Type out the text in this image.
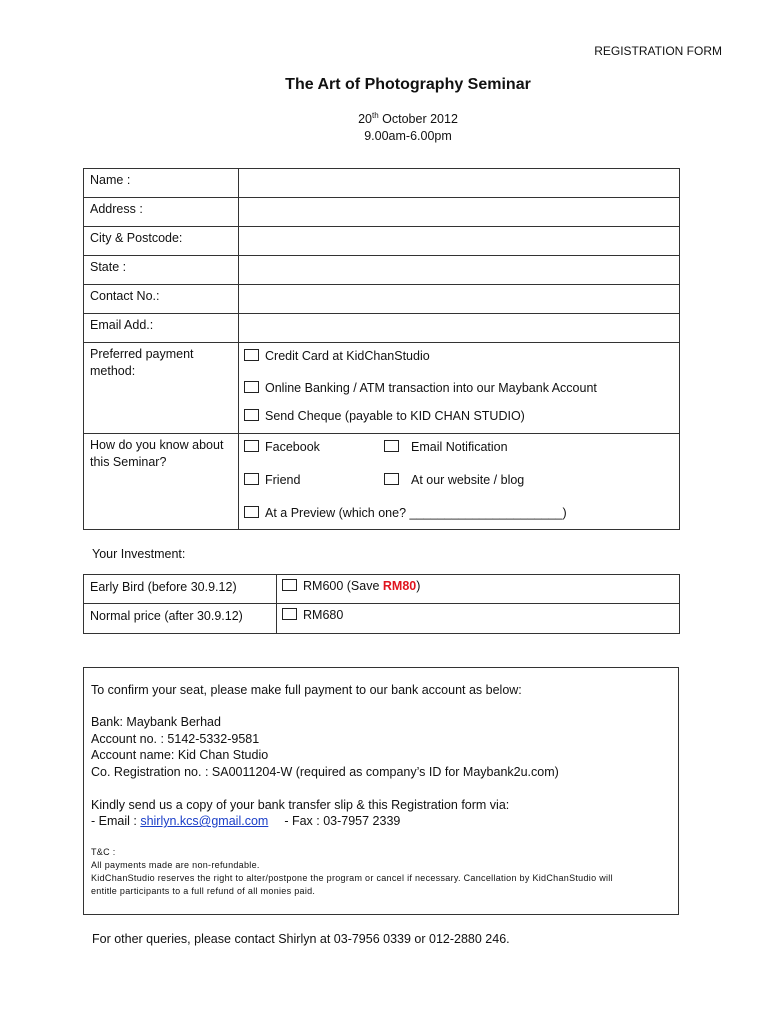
REGISTRATION FORM
The Art of Photography Seminar
20th October 2012
9.00am-6.00pm
Name :	
Address :	
City & Postcode:	
State :	
Contact No.:	
Email Add.:	
Preferred payment method:	Credit Card at KidChanStudio
Online Banking / ATM transaction into our Maybank Account
Send Cheque (payable to KID CHAN STUDIO)

How do you know about this Seminar?	Facebook Email Notification
Friend At our website / blog
At a Preview (which one? ______________________)
Your Investment:
Early Bird (before 30.9.12)	RM600 (Save RM80)

Normal price (after 30.9.12)	RM680
To confirm your seat, please make full payment to our bank account as below:
Bank: Maybank Berhad
Account no. : 5142-5332-9581
Account name: Kid Chan Studio
Co. Registration no. : SA0011204-W (required as company’s ID for Maybank2u.com)
Kindly send us a copy of your bank transfer slip & this Registration form via:
- Email : shirlyn.kcs@gmail.com - Fax : 03-7957 2339
T&C :
All payments made are non-refundable.
KidChanStudio reserves the right to alter/postpone the program or cancel if necessary. Cancellation by KidChanStudio will
entitle participants to a full refund of all monies paid.
For other queries, please contact Shirlyn at 03-7956 0339 or 012-2880 246.
